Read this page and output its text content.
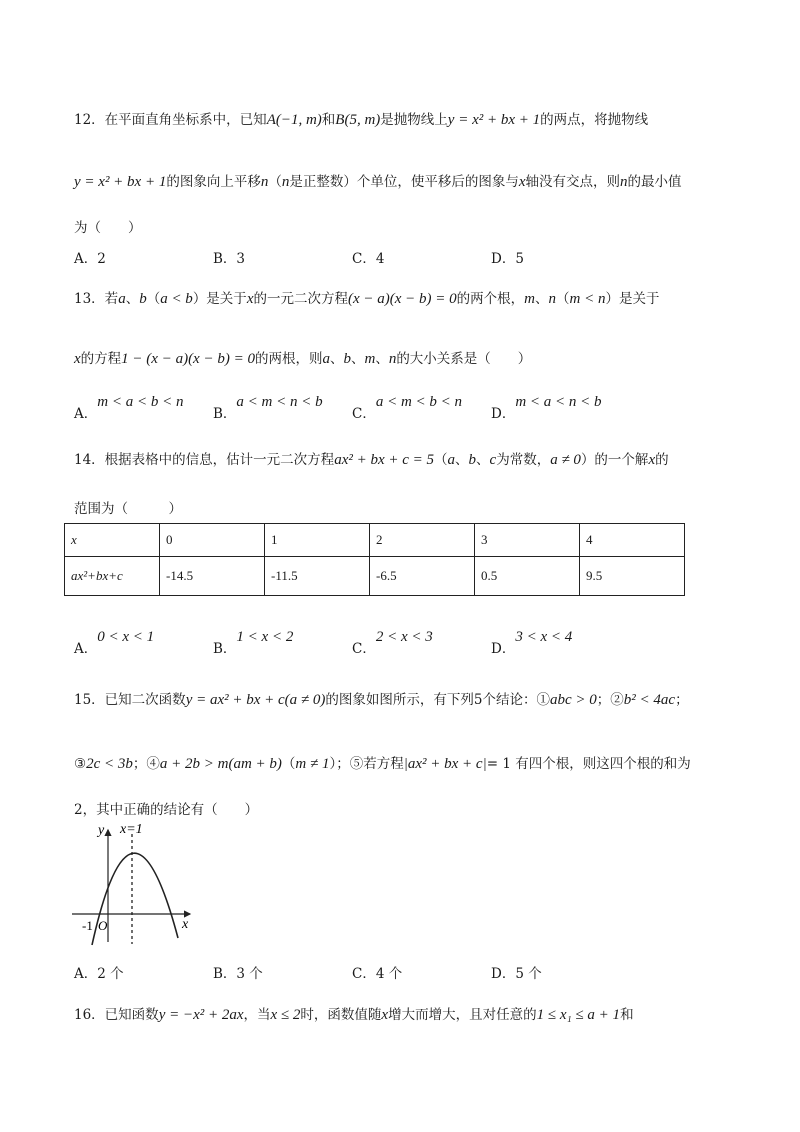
12．在平面直角坐标系中，已知A(−1, m)和B(5, m)是抛物线上y = x² + bx + 1的两点，将抛物线
y = x² + bx + 1的图象向上平移n（n是正整数）个单位，使平移后的图象与x轴没有交点，则n的最小值
为（　　）
A．2	B．3	C．4	D．5
13．若a、b（a < b）是关于x的一元二次方程(x − a)(x − b) = 0的两个根，m、n（m < n）是关于
x的方程1 − (x − a)(x − b) = 0的两根，则a、b、m、n的大小关系是（　　）
A．m < a < b < n
B．a < m < n < b
C．a < m < b < n
D．m < a < n < b
14．根据表格中的信息，估计一元二次方程ax² + bx + c = 5（a、b、c为常数，a ≠ 0）的一个解x的
范围为（　　　）
x	0	1	2	3	4
ax²+bx+c	-14.5	-11.5	-6.5	0.5	9.5
A．0 < x < 1
B．1 < x < 2
C．2 < x < 3
D．3 < x < 4
15．已知二次函数y = ax² + bx + c(a ≠ 0)的图象如图所示，有下列5个结论：①abc > 0；②b² < 4ac；
③2c < 3b；④a + 2b > m(am + b)（m ≠ 1）；⑤若方程|ax² + bx + c|= 1 有四个根，则这四个根的和为
2，其中正确的结论有（　　）
y x=1
x
-1 O
A．2 个	B．3 个	C．4 个	D．5 个
16．已知函数y = −x² + 2ax，当x ≤ 2时，函数值随x增大而增大，且对任意的1 ≤ x₁ ≤ a + 1和
